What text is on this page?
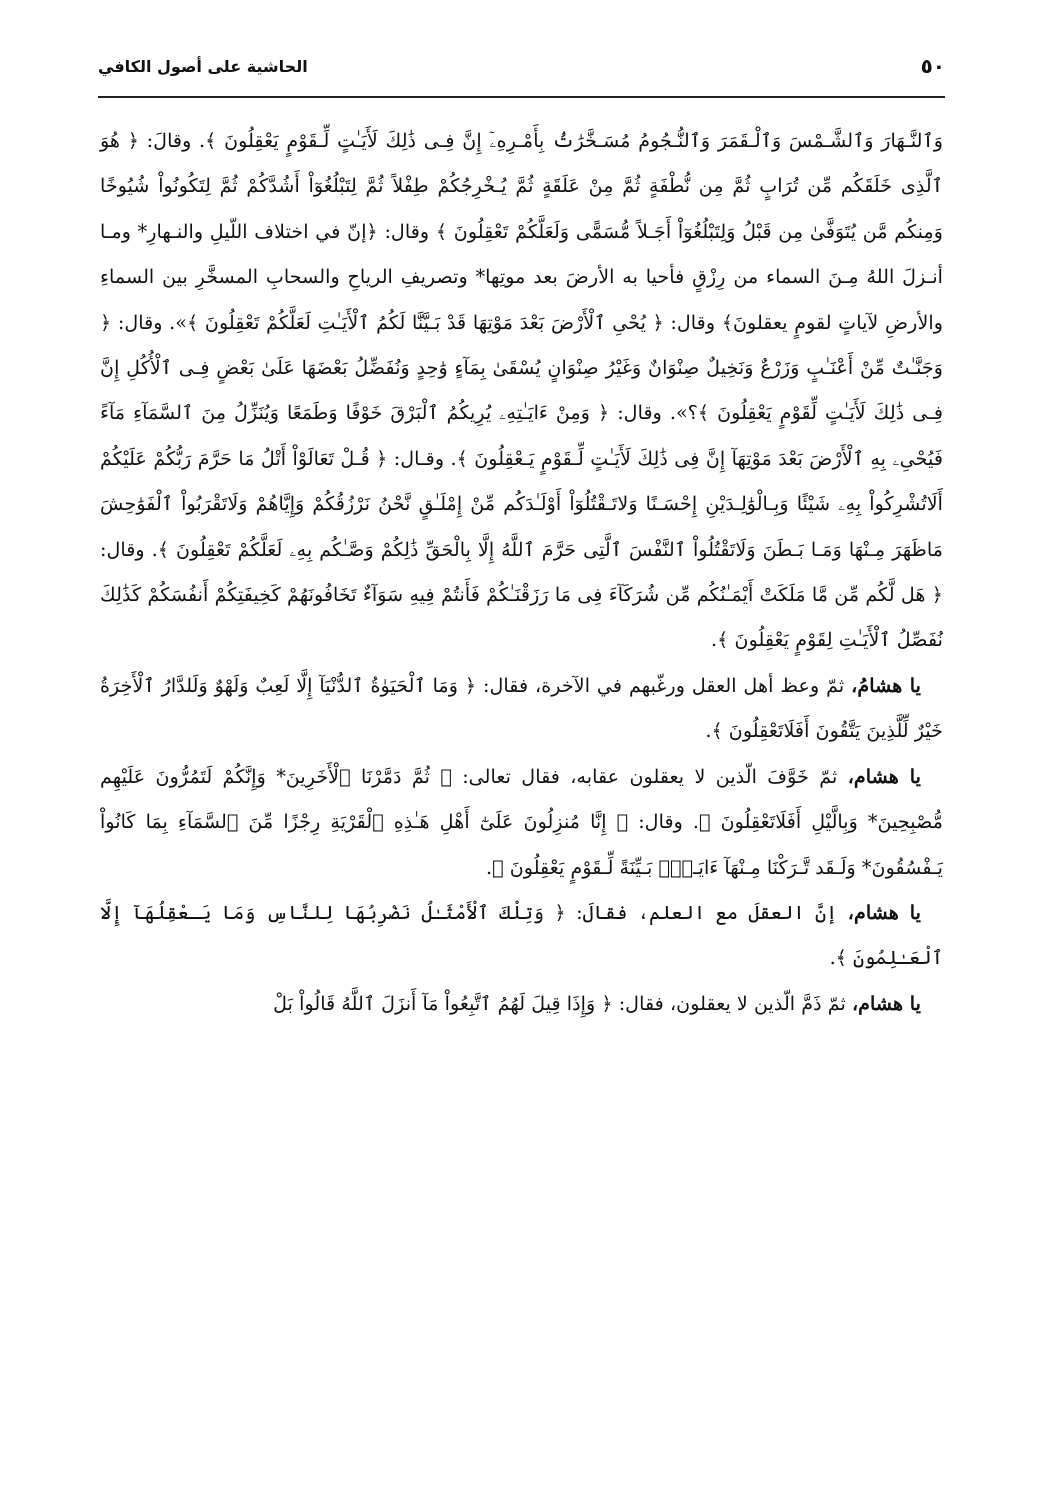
٥٠
الحاشية على أصول الكافي

وَٱلنَّـهَارَ وَٱلشَّـمْسَ وَٱلْـقَمَرَ وَٱلنُّـجُومُ مُسَـخَّرَٰتُۢ بِأَمْـرِهِۦٓ إِنَّ فِـى ذَٰلِكَ لَأَيَـٰتٍ لِّـقَوْمٍ يَعْقِلُونَ ﴾. وقالَ: ﴿ هُوَ ٱلَّذِى خَلَقَكُم مِّن تُرَابٍ ثُمَّ مِن نُّطْفَةٍ ثُمَّ مِنْ عَلَقَةٍ ثُمَّ يُـخْرِجُكُمْ طِفْلاً ثُمَّ لِتَبْلُغُوٓاْ أَشُدَّكُمْ ثُمَّ لِتَكُونُواْ شُيُوخًا وَمِنكُم مَّن يُتَوَفَّىٰ مِن قَبْلُ وَلِتَبْلُغُوٓاْ أَجَـلاً مُّسَمًّى وَلَعَلَّكُمْ تَعْقِلُونَ ﴾ وقال: ﴿إنّ في اختلاف اللّيلِ والنـهارِ* ومـا أنـزلَ اللهُ مِـنَ السماء من رِزْقٍ فأحيا به الأرضَ بعد موتِها* وتصريفِ الرياحِ والسحابِ المسخَّرِ بين السماءِ والأرضِ لآياتٍ لقومٍ يعقلونَ﴾ وقال: ﴿ يُحْىِ ٱلْأَرْضَ بَعْدَ مَوْتِهَا قَدْ بَـيَّنَّا لَكُمُ ٱلْأَيَـٰتِ لَعَلَّكُمْ تَعْقِلُونَ ﴾». وقال: ﴿ وَجَنَّـٰتٌ مِّنْ أَعْنَـٰبٍ وَزَرْعٌ وَنَخِيلٌ صِنْوَانٌ وَغَيْرُ صِنْوَانٍ يُسْقَىٰ بِمَآءٍ وَٰحِدٍ وَنُفَضِّلُ بَعْضَهَا عَلَىٰ بَعْضٍ فِـى ٱلْأُكُلِ إِنَّ فِـى ذَٰلِكَ لَأَيَـٰتٍ لِّقَوْمٍ يَعْقِلُونَ ﴾؟». وقال: ﴿ وَمِنْ ءَايَـٰتِهِۦ يُرِيكُمُ ٱلْبَرْقَ خَوْفًا وَطَمَعًا وَيُنَزِّلُ مِنَ ٱلسَّمَآءِ مَآءً فَيُحْىِۦ بِهِ ٱلْأَرْضَ بَعْدَ مَوْتِهَآ إِنَّ فِى ذَٰلِكَ لَأَيَـٰتٍ لِّـقَوْمٍ يَـعْقِلُونَ ﴾. وقـال: ﴿ قُـلْ تَعَالَوْاْ أَتْلُ مَا حَرَّمَ رَبُّكُمْ عَلَيْكُمْ أَلَاتُشْرِكُواْ بِهِۦ شَيْئًا وَبِـالْوَٰلِـدَيْنِ إِحْسَـنًا وَلاتَـقْتُلُوٓاْ أَوْلَـٰدَكُم مِّنْ إِمْلَـٰقٍ نَّحْنُ نَرْزُقُكُمْ وَإِيَّاهُمْ وَلَاتَقْرَبُواْ ٱلْفَوَٰحِشَ مَاظَهَرَ مِـنْهَا وَمَـا بَـطَنَ وَلَاتَقْتُلُواْ ٱلنَّفْسَ ٱلَّتِى حَرَّمَ ٱللَّهُ إِلَّا بِالْحَقِّ ذَٰلِكُمْ وَصَّـٰكُم بِهِۦ لَعَلَّكُمْ تَعْقِلُونَ ﴾. وقال: ﴿ هَل لَّكُم مِّن مَّا مَلَكَتْ أَيْمَـٰنُكُم مِّن شُرَكَآءَ فِى مَا رَزَقْنَـٰكُمْ فَأَنتُمْ فِيهِ سَوَآءٌ تَخَافُونَهُمْ كَخِيفَتِكُمْ أَنفُسَكُمْ كَذَٰلِكَ نُفَصِّلُ ٱلْأَيَـٰتِ لِقَوْمٍ يَعْقِلُونَ ﴾.

يا هشامُ، ثمّ وعظ أهل العقل ورغّبهم في الآخرة، فقال: ﴿ وَمَا ٱلْحَيَوٰةُ ٱلدُّنْيَآ إِلَّا لَعِبٌ وَلَهْوٌ وَلَلدَّارُ ٱلْأَخِرَةُ خَيْرٌ لِّلَّذِينَ يَتَّقُونَ أَفَلَاتَعْقِلُونَ ﴾.

يا هشام، ثمّ خَوَّفَ الّذين لا يعقلون عقابه، فقال تعالى: ﴿ ثُمَّ دَمَّرْنَا ٱلْأَخَرِينَ* وَإِنَّكُمْ لَتَمُرُّونَ عَلَيْهِم مُّصْبِحِينَ* وَبِالَّيْلِ أَفَلَاتَعْقِلُونَ ﴾. وقال: ﴿ إِنَّا مُنزِلُونَ عَلَىٰٓ أَهْلِ هَـٰذِهِ ٱلْقَرْيَةِ رِجْزًا مِّنَ ٱلسَّمَآءِ بِمَا كَانُواْ يَـفْسُقُونَ* وَلَـقَد تَّـرَكْنَا مِـنْهَآ ءَايَـةًۢ بَـيِّنَةً لِّـقَوْمٍ يَعْقِلُونَ ﴾.

يا هشام، إنَّ العقلَ مع العلم، فقالَ: ﴿ وَتِلْكَ ٱلْأَمْثَـٰلُ نَضْرِبُهَا لِلنَّاسِ وَمَا يَـعْقِلُهَآ إِلَّا ٱلْعَـٰلِمُونَ ﴾.

يا هشام، ثمّ ذَمَّ الّذين لا يعقلون، فقال: ﴿ وَإِذَا قِيلَ لَهُمُ ٱتَّبِعُواْ مَآ أَنزَلَ ٱللَّهُ قَالُواْ بَلْ
